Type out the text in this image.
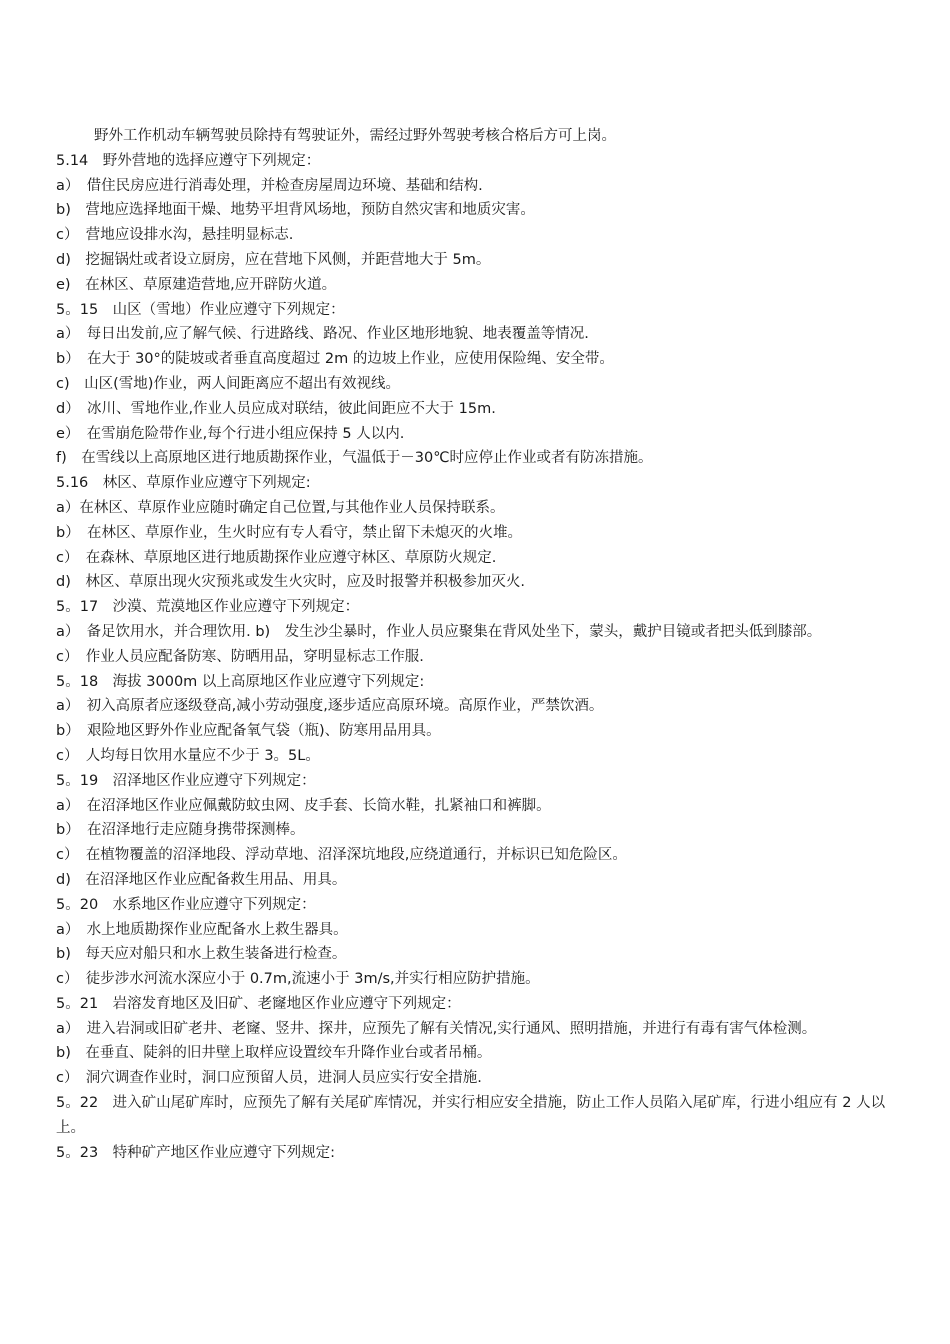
野外工作机动车辆驾驶员除持有驾驶证外，需经过野外驾驶考核合格后方可上岗。
5.14　野外营地的选择应遵守下列规定：
a）　借住民房应进行消毒处理，并检查房屋周边环境、基础和结构.
b)　营地应选择地面干燥、地势平坦背风场地，预防自然灾害和地质灾害。
c）　营地应设排水沟，悬挂明显标志.
d)　挖掘锅灶或者设立厨房，应在营地下风侧，并距营地大于 5m。
e)　在林区、草原建造营地,应开辟防火道。
5。15　山区（雪地）作业应遵守下列规定：
a）　每日出发前,应了解气候、行进路线、路况、作业区地形地貌、地表覆盖等情况.
b）　在大于 30°的陡坡或者垂直高度超过 2m 的边坡上作业，应使用保险绳、安全带。
c)　山区(雪地)作业，两人间距离应不超出有效视线。
d）　冰川、雪地作业,作业人员应成对联结，彼此间距应不大于 15m.
e）　在雪崩危险带作业,每个行进小组应保持 5 人以内.
f)　在雪线以上高原地区进行地质勘探作业，气温低于－30℃时应停止作业或者有防冻措施。
5.16　林区、草原作业应遵守下列规定:
a）在林区、草原作业应随时确定自己位置,与其他作业人员保持联系。
b）　在林区、草原作业，生火时应有专人看守，禁止留下未熄灭的火堆。
c）　在森林、草原地区进行地质勘探作业应遵守林区、草原防火规定.
d)　林区、草原出现火灾预兆或发生火灾时，应及时报警并积极参加灭火.
5。17　沙漠、荒漠地区作业应遵守下列规定：
a）　备足饮用水，并合理饮用. b)　发生沙尘暴时，作业人员应聚集在背风处坐下，蒙头，戴护目镜或者把头低到膝部。
c）　作业人员应配备防寒、防晒用品，穿明显标志工作服.
5。18　海拔 3000m 以上高原地区作业应遵守下列规定:
a）　初入高原者应逐级登高,减小劳动强度,逐步适应高原环境。高原作业，严禁饮酒。
b）　艰险地区野外作业应配备氧气袋（瓶)、防寒用品用具。
c）　人均每日饮用水量应不少于 3。5L。
5。19　沼泽地区作业应遵守下列规定：
a）　在沼泽地区作业应佩戴防蚊虫网、皮手套、长筒水鞋，扎紧袖口和裤脚。
b）　在沼泽地行走应随身携带探测棒。
c）　在植物覆盖的沼泽地段、浮动草地、沼泽深坑地段,应绕道通行，并标识已知危险区。
d)　在沼泽地区作业应配备救生用品、用具。
5。20　水系地区作业应遵守下列规定：
a）　水上地质勘探作业应配备水上救生器具。
b)　每天应对船只和水上救生装备进行检查。
c）　徒步涉水河流水深应小于 0.7m,流速小于 3m/s,并实行相应防护措施。
5。21　岩溶发育地区及旧矿、老窿地区作业应遵守下列规定：
a）　进入岩洞或旧矿老井、老窿、竖井、探井，应预先了解有关情况,实行通风、照明措施，并进行有毒有害气体检测。
b)　在垂直、陡斜的旧井壁上取样应设置绞车升降作业台或者吊桶。
c）　洞穴调查作业时，洞口应预留人员，进洞人员应实行安全措施.
5。22　进入矿山尾矿库时，应预先了解有关尾矿库情况，并实行相应安全措施，防止工作人员陷入尾矿库，行进小组应有 2 人以上。
5。23　特种矿产地区作业应遵守下列规定:
